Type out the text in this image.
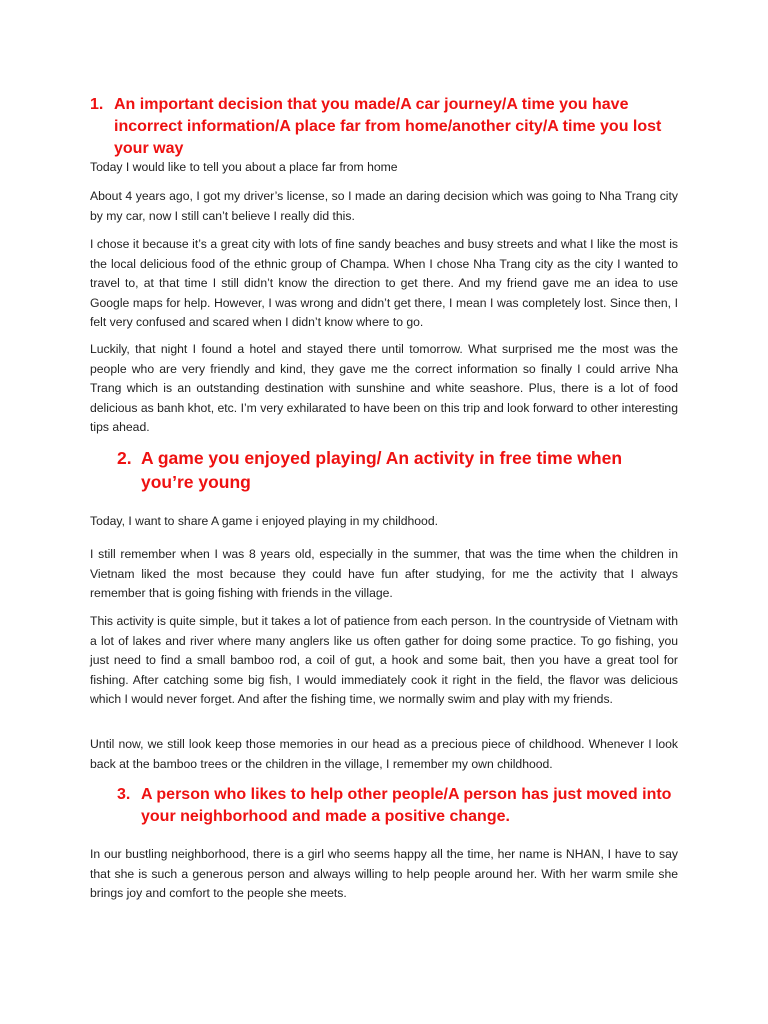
1. An important decision that you made/A car journey/A time you have incorrect information/A place far from home/another city/A time you lost your way

Today I would like to tell you about a place far from home

About 4 years ago, I got my driver’s license, so I made an daring decision which was going to Nha Trang city by my car, now I still can’t believe I really did this.

I chose it because it’s a great city with lots of fine sandy beaches and busy streets and what I like the most is the local delicious food of the ethnic group of Champa. When I chose Nha Trang city as the city I wanted to travel to, at that time I still didn’t know the direction to get there. And my friend gave me an idea to use Google maps for help. However, I was wrong and didn’t get there, I mean I was completely lost. Since then, I felt very confused and scared when I didn’t know where to go.

Luckily, that night I found a hotel and stayed there until tomorrow. What surprised me the most was the people who are very friendly and kind, they gave me the correct information so finally I could arrive Nha Trang which is an outstanding destination with sunshine and white seashore. Plus, there is a lot of food delicious as banh khot, etc. I’m very exhilarated to have been on this trip and look forward to other interesting tips ahead.

2. A game you enjoyed playing/ An activity in free time when you’re young

Today, I want to share A game i enjoyed playing in my childhood.

I still remember when I was 8 years old, especially in the summer, that was the time when the children in Vietnam liked the most because they could have fun after studying, for me the activity that I always remember that is going fishing with friends in the village.

This activity is quite simple, but it takes a lot of patience from each person. In the countryside of Vietnam with a lot of lakes and river where many anglers like us often gather for doing some practice. To go fishing, you just need to find a small bamboo rod, a coil of gut, a hook and some bait, then you have a great tool for fishing. After catching some big fish, I would immediately cook it right in the field, the flavor was delicious which I would never forget. And after the fishing time, we normally swim and play with my friends.

Until now, we still look keep those memories in our head as a precious piece of childhood. Whenever I look back at the bamboo trees or the children in the village, I remember my own childhood.

3. A person who likes to help other people/A person has just moved into your neighborhood and made a positive change.

In our bustling neighborhood, there is a girl who seems happy all the time, her name is NHAN, I have to say that she is such a generous person and always willing to help people around her. With her warm smile she brings joy and comfort to the people she meets.
